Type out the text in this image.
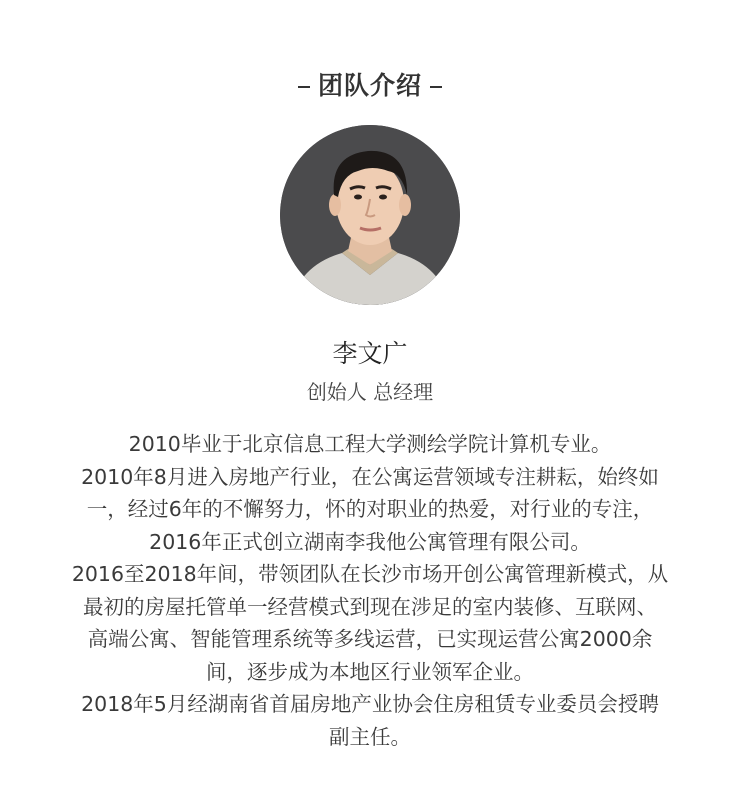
团队介绍
李文广
创始人 总经理
2010毕业于北京信息工程大学测绘学院计算机专业。
2010年8月进入房地产行业，在公寓运营领域专注耕耘，始终如
一，经过6年的不懈努力，怀的对职业的热爱，对行业的专注，
2016年正式创立湖南李我他公寓管理有限公司。
2016至2018年间，带领团队在长沙市场开创公寓管理新模式，从
最初的房屋托管单一经营模式到现在涉足的室内装修、互联网、
高端公寓、智能管理系统等多线运营，已实现运营公寓2000余
间，逐步成为本地区行业领军企业。
2018年5月经湖南省首届房地产业协会住房租赁专业委员会授聘
副主任。
